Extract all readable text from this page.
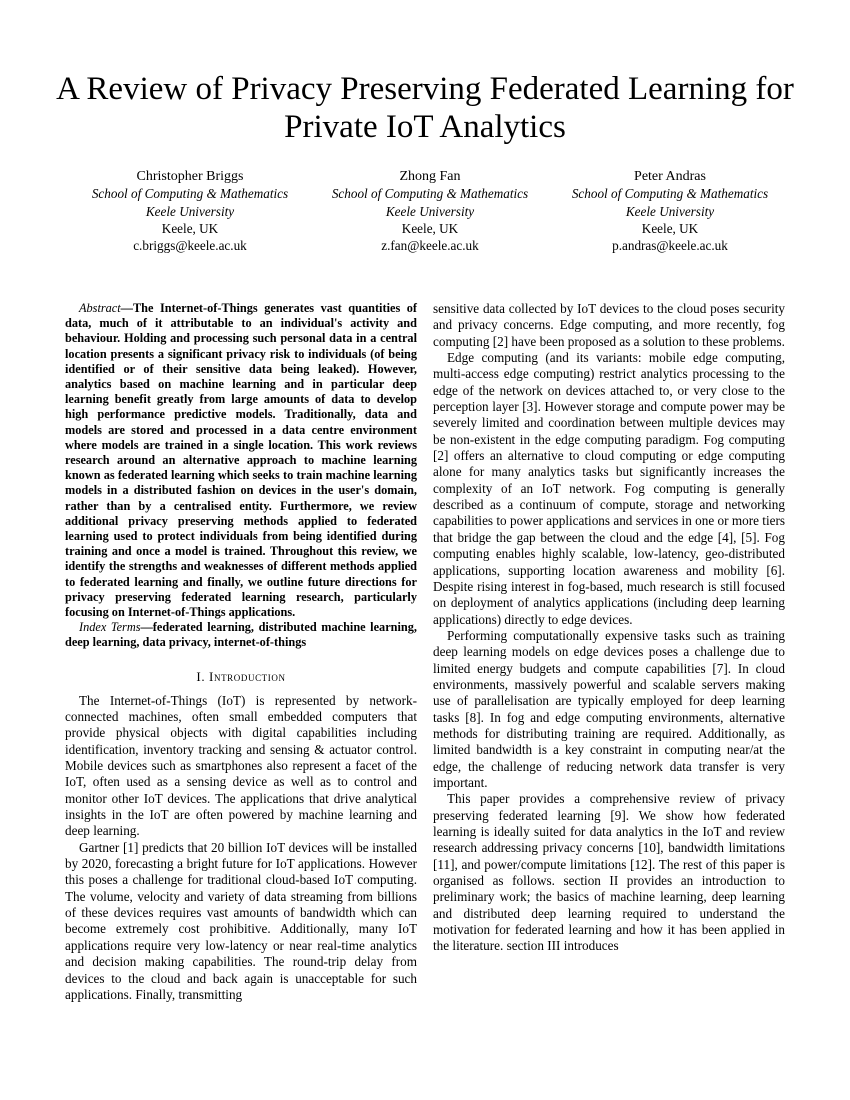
A Review of Privacy Preserving Federated Learning for Private IoT Analytics
Christopher Briggs
School of Computing & Mathematics
Keele University
Keele, UK
c.briggs@keele.ac.uk
Zhong Fan
School of Computing & Mathematics
Keele University
Keele, UK
z.fan@keele.ac.uk
Peter Andras
School of Computing & Mathematics
Keele University
Keele, UK
p.andras@keele.ac.uk

Abstract—The Internet-of-Things generates vast quantities of data, much of it attributable to an individual's activity and behaviour. Holding and processing such personal data in a central location presents a significant privacy risk to individuals (of being identified or of their sensitive data being leaked). However, analytics based on machine learning and in particular deep learning benefit greatly from large amounts of data to develop high performance predictive models. Traditionally, data and models are stored and processed in a data centre environment where models are trained in a single location. This work reviews research around an alternative approach to machine learning known as federated learning which seeks to train machine learning models in a distributed fashion on devices in the user's domain, rather than by a centralised entity. Furthermore, we review additional privacy preserving methods applied to federated learning used to protect individuals from being identified during training and once a model is trained. Throughout this review, we identify the strengths and weaknesses of different methods applied to federated learning and finally, we outline future directions for privacy preserving federated learning research, particularly focusing on Internet-of-Things applications.

Index Terms—federated learning, distributed machine learning, deep learning, data privacy, internet-of-things

I. Introduction

The Internet-of-Things (IoT) is represented by network-connected machines, often small embedded computers that provide physical objects with digital capabilities including identification, inventory tracking and sensing & actuator control. Mobile devices such as smartphones also represent a facet of the IoT, often used as a sensing device as well as to control and monitor other IoT devices. The applications that drive analytical insights in the IoT are often powered by machine learning and deep learning.

Gartner [1] predicts that 20 billion IoT devices will be installed by 2020, forecasting a bright future for IoT applications. However this poses a challenge for traditional cloud-based IoT computing. The volume, velocity and variety of data streaming from billions of these devices requires vast amounts of bandwidth which can become extremely cost prohibitive. Additionally, many IoT applications require very low-latency or near real-time analytics and decision making capabilities. The round-trip delay from devices to the cloud and back again is unacceptable for such applications. Finally, transmitting

sensitive data collected by IoT devices to the cloud poses security and privacy concerns. Edge computing, and more recently, fog computing [2] have been proposed as a solution to these problems.

Edge computing (and its variants: mobile edge computing, multi-access edge computing) restrict analytics processing to the edge of the network on devices attached to, or very close to the perception layer [3]. However storage and compute power may be severely limited and coordination between multiple devices may be non-existent in the edge computing paradigm. Fog computing [2] offers an alternative to cloud computing or edge computing alone for many analytics tasks but significantly increases the complexity of an IoT network. Fog computing is generally described as a continuum of compute, storage and networking capabilities to power applications and services in one or more tiers that bridge the gap between the cloud and the edge [4], [5]. Fog computing enables highly scalable, low-latency, geo-distributed applications, supporting location awareness and mobility [6]. Despite rising interest in fog-based, much research is still focused on deployment of analytics applications (including deep learning applications) directly to edge devices.

Performing computationally expensive tasks such as training deep learning models on edge devices poses a challenge due to limited energy budgets and compute capabilities [7]. In cloud environments, massively powerful and scalable servers making use of parallelisation are typically employed for deep learning tasks [8]. In fog and edge computing environments, alternative methods for distributing training are required. Additionally, as limited bandwidth is a key constraint in computing near/at the edge, the challenge of reducing network data transfer is very important.

This paper provides a comprehensive review of privacy preserving federated learning [9]. We show how federated learning is ideally suited for data analytics in the IoT and review research addressing privacy concerns [10], bandwidth limitations [11], and power/compute limitations [12]. The rest of this paper is organised as follows. section II provides an introduction to preliminary work; the basics of machine learning, deep learning and distributed deep learning required to understand the motivation for federated learning and how it has been applied in the literature. section III introduces
